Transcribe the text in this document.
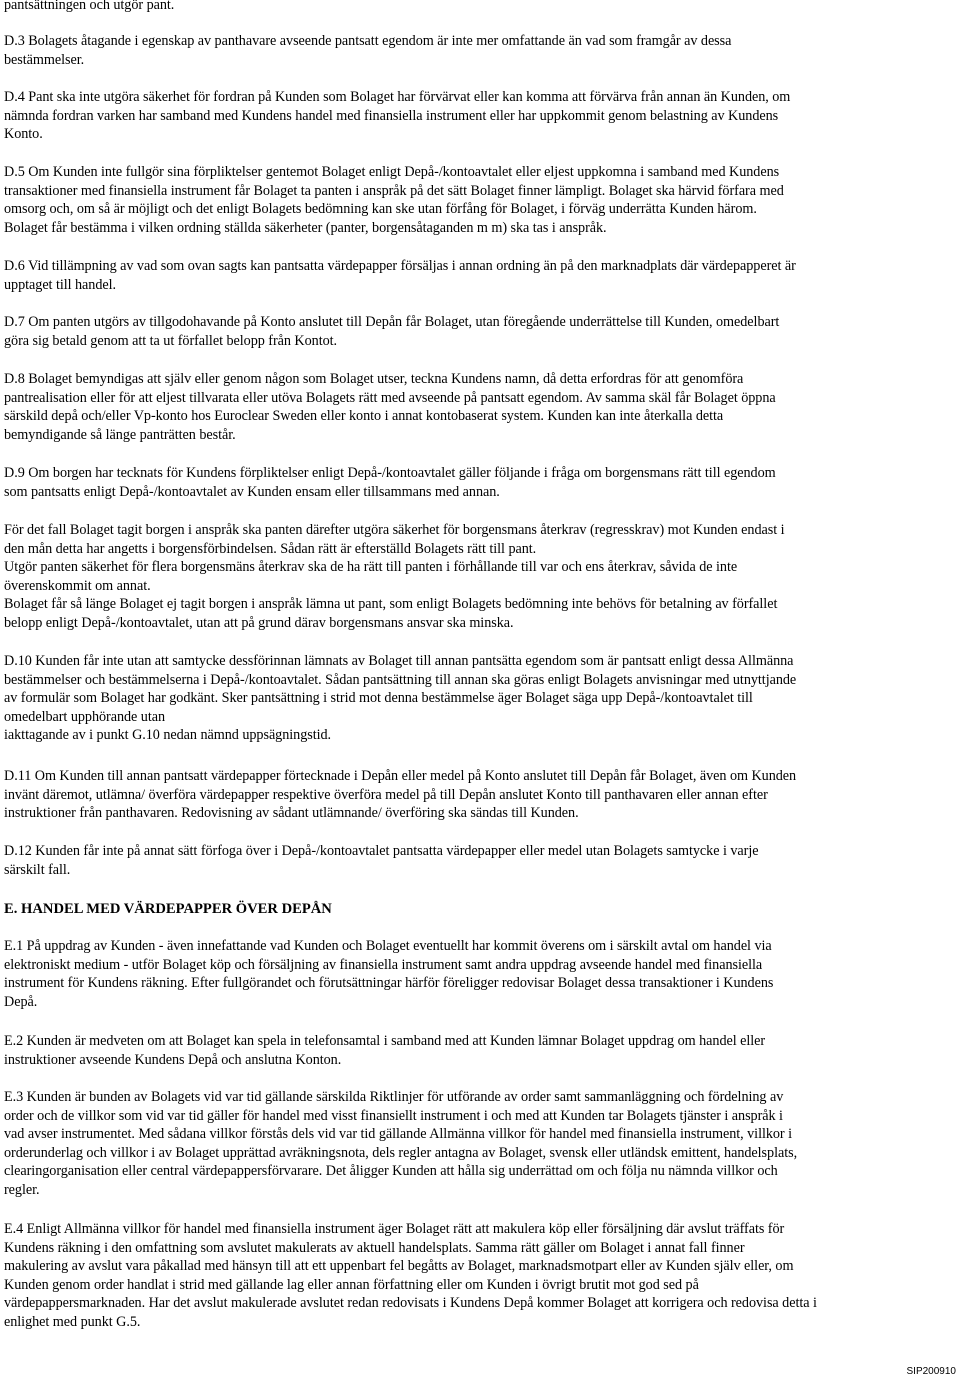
pantsättningen och utgör pant.

D.3 Bolagets åtagande i egenskap av panthavare avseende pantsatt egendom är inte mer omfattande än vad som framgår av dessa
bestämmelser.

D.4 Pant ska inte utgöra säkerhet för fordran på Kunden som Bolaget har förvärvat eller kan komma att förvärva från annan än Kunden, om
nämnda fordran varken har samband med Kundens handel med finansiella instrument eller har uppkommit genom belastning av Kundens
Konto.

D.5 Om Kunden inte fullgör sina förpliktelser gentemot Bolaget enligt Depå-/kontoavtalet eller eljest uppkomna i samband med Kundens
transaktioner med finansiella instrument får Bolaget ta panten i anspråk på det sätt Bolaget finner lämpligt. Bolaget ska härvid förfara med
omsorg och, om så är möjligt och det enligt Bolagets bedömning kan ske utan förfång för Bolaget, i förväg underrätta Kunden härom.
Bolaget får bestämma i vilken ordning ställda säkerheter (panter, borgensåtaganden m m) ska tas i anspråk.

D.6 Vid tillämpning av vad som ovan sagts kan pantsatta värdepapper försäljas i annan ordning än på den marknadplats där värdepapperet är
upptaget till handel.

D.7 Om panten utgörs av tillgodohavande på Konto anslutet till Depån får Bolaget, utan föregående underrättelse till Kunden, omedelbart
göra sig betald genom att ta ut förfallet belopp från Kontot.

D.8 Bolaget bemyndigas att själv eller genom någon som Bolaget utser, teckna Kundens namn, då detta erfordras för att genomföra
pantrealisation eller för att eljest tillvarata eller utöva Bolagets rätt med avseende på pantsatt egendom. Av samma skäl får Bolaget öppna
särskild depå och/eller Vp-konto hos Euroclear Sweden eller konto i annat kontobaserat system. Kunden kan inte återkalla detta
bemyndigande så länge panträtten består.

D.9 Om borgen har tecknats för Kundens förpliktelser enligt Depå-/kontoavtalet gäller följande i fråga om borgensmans rätt till egendom
som pantsatts enligt Depå-/kontoavtalet av Kunden ensam eller tillsammans med annan.

För det fall Bolaget tagit borgen i anspråk ska panten därefter utgöra säkerhet för borgensmans återkrav (regresskrav) mot Kunden endast i
den mån detta har angetts i borgensförbindelsen. Sådan rätt är efterställd Bolagets rätt till pant.
Utgör panten säkerhet för flera borgensmäns återkrav ska de ha rätt till panten i förhållande till var och ens återkrav, såvida de inte
överenskommit om annat.
Bolaget får så länge Bolaget ej tagit borgen i anspråk lämna ut pant, som enligt Bolagets bedömning inte behövs för betalning av förfallet
belopp enligt Depå-/kontoavtalet, utan att på grund därav borgensmans ansvar ska minska.

D.10 Kunden får inte utan att samtycke dessförinnan lämnats av Bolaget till annan pantsätta egendom som är pantsatt enligt dessa Allmänna
bestämmelser och bestämmelserna i Depå-/kontoavtalet. Sådan pantsättning till annan ska göras enligt Bolagets anvisningar med utnyttjande
av formulär som Bolaget har godkänt. Sker pantsättning i strid mot denna bestämmelse äger Bolaget säga upp Depå-/kontoavtalet till
omedelbart upphörande utan
iakttagande av i punkt G.10 nedan nämnd uppsägningstid.

D.11 Om Kunden till annan pantsatt värdepapper förtecknade i Depån eller medel på Konto anslutet till Depån får Bolaget, även om Kunden
invänt däremot, utlämna/ överföra värdepapper respektive överföra medel på till Depån anslutet Konto till panthavaren eller annan efter
instruktioner från panthavaren. Redovisning av sådant utlämnande/ överföring ska sändas till Kunden.

D.12 Kunden får inte på annat sätt förfoga över i Depå-/kontoavtalet pantsatta värdepapper eller medel utan Bolagets samtycke i varje
särskilt fall.

E. HANDEL MED VÄRDEPAPPER ÖVER DEPÅN

E.1 På uppdrag av Kunden - även innefattande vad Kunden och Bolaget eventuellt har kommit överens om i särskilt avtal om handel via
elektroniskt medium - utför Bolaget köp och försäljning av finansiella instrument samt andra uppdrag avseende handel med finansiella
instrument för Kundens räkning. Efter fullgörandet och förutsättningar härför föreligger redovisar Bolaget dessa transaktioner i Kundens
Depå.

E.2 Kunden är medveten om att Bolaget kan spela in telefonsamtal i samband med att Kunden lämnar Bolaget uppdrag om handel eller
instruktioner avseende Kundens Depå och anslutna Konton.

E.3 Kunden är bunden av Bolagets vid var tid gällande särskilda Riktlinjer för utförande av order samt sammanläggning och fördelning av
order och de villkor som vid var tid gäller för handel med visst finansiellt instrument i och med att Kunden tar Bolagets tjänster i anspråk i
vad avser instrumentet. Med sådana villkor förstås dels vid var tid gällande Allmänna villkor för handel med finansiella instrument, villkor i
orderunderlag och villkor i av Bolaget upprättad avräkningsnota, dels regler antagna av Bolaget, svensk eller utländsk emittent, handelsplats,
clearingorganisation eller central värdepappersförvarare. Det åligger Kunden att hålla sig underrättad om och följa nu nämnda villkor och
regler.

E.4 Enligt Allmänna villkor för handel med finansiella instrument äger Bolaget rätt att makulera köp eller försäljning där avslut träffats för
Kundens räkning i den omfattning som avslutet makulerats av aktuell handelsplats. Samma rätt gäller om Bolaget i annat fall finner
makulering av avslut vara påkallad med hänsyn till att ett uppenbart fel begåtts av Bolaget, marknadsmotpart eller av Kunden själv eller, om
Kunden genom order handlat i strid med gällande lag eller annan författning eller om Kunden i övrigt brutit mot god sed på
värdepappersmarknaden. Har det avslut makulerade avslutet redan redovisats i Kundens Depå kommer Bolaget att korrigera och redovisa detta i
enlighet med punkt G.5.

SIP200910
